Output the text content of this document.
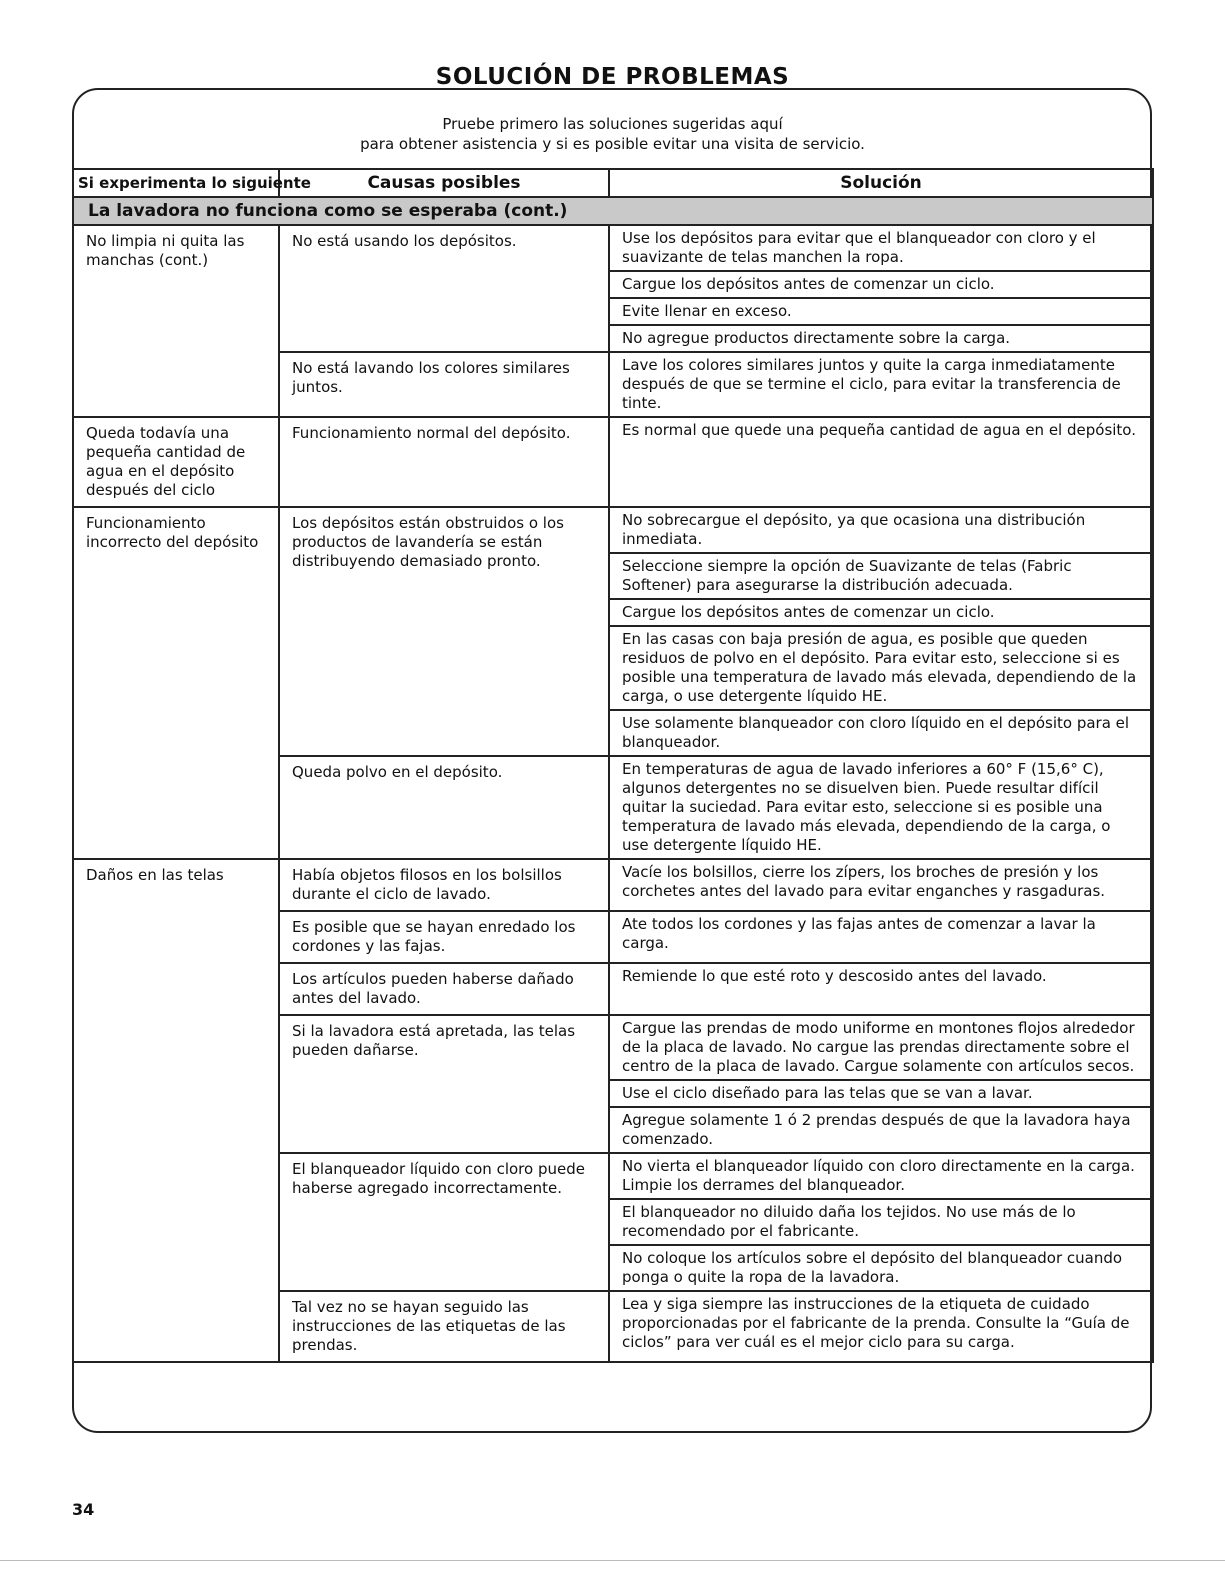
SOLUCIÓN DE PROBLEMAS
Pruebe primero las soluciones sugeridas aquí
para obtener asistencia y si es posible evitar una visita de servicio.
Si experimenta lo siguiente	Causas posibles	Solución
La lavadora no funciona como se esperaba (cont.)		
No limpia ni quita las manchas (cont.)	No está usando los depósitos.	Use los depósitos para evitar que el blanqueador con cloro y el suavizante de telas manchen la ropa.
Cargue los depósitos antes de comenzar un ciclo.
Evite llenar en exceso.
No agregue productos directamente sobre la carga.

	No está lavando los colores similares juntos.	Lave los colores similares juntos y quite la carga inmediatamente después de que se termine el ciclo, para evitar la transferencia de tinte.

Queda todavía una pequeña cantidad de agua en el depósito después del ciclo	Funcionamiento normal del depósito.	Es normal que quede una pequeña cantidad de agua en el depósito.

Funcionamiento incorrecto del depósito	Los depósitos están obstruidos o los productos de lavandería se están distribuyendo demasiado pronto.	No sobrecargue el depósito, ya que ocasiona una distribución inmediata.
Seleccione siempre la opción de Suavizante de telas (Fabric Softener) para asegurarse la distribución adecuada.
Cargue los depósitos antes de comenzar un ciclo.
En las casas con baja presión de agua, es posible que queden residuos de polvo en el depósito. Para evitar esto, seleccione si es posible una temperatura de lavado más elevada, dependiendo de la carga, o use detergente líquido HE.
Use solamente blanqueador con cloro líquido en el depósito para el blanqueador.

	Queda polvo en el depósito.	En temperaturas de agua de lavado inferiores a 60° F (15,6° C), algunos detergentes no se disuelven bien. Puede resultar difícil quitar la suciedad. Para evitar esto, seleccione si es posible una temperatura de lavado más elevada, dependiendo de la carga, o use detergente líquido HE.

Daños en las telas	Había objetos filosos en los bolsillos durante el ciclo de lavado.	Vacíe los bolsillos, cierre los zípers, los broches de presión y los corchetes antes del lavado para evitar enganches y rasgaduras.

	Es posible que se hayan enredado los cordones y las fajas.	Ate todos los cordones y las fajas antes de comenzar a lavar la carga.

	Los artículos pueden haberse dañado antes del lavado.	Remiende lo que esté roto y descosido antes del lavado.

	Si la lavadora está apretada, las telas pueden dañarse.	Cargue las prendas de modo uniforme en montones flojos alrededor de la placa de lavado. No cargue las prendas directamente sobre el centro de la placa de lavado. Cargue solamente con artículos secos.
Use el ciclo diseñado para las telas que se van a lavar.
Agregue solamente 1 ó 2 prendas después de que la lavadora haya comenzado.

	El blanqueador líquido con cloro puede haberse agregado incorrectamente.	No vierta el blanqueador líquido con cloro directamente en la carga. Limpie los derrames del blanqueador.
El blanqueador no diluido daña los tejidos. No use más de lo recomendado por el fabricante.
No coloque los artículos sobre el depósito del blanqueador cuando ponga o quite la ropa de la lavadora.

	Tal vez no se hayan seguido las instrucciones de las etiquetas de las prendas.	Lea y siga siempre las instrucciones de la etiqueta de cuidado proporcionadas por el fabricante de la prenda. Consulte la “Guía de ciclos” para ver cuál es el mejor ciclo para su carga.

34
